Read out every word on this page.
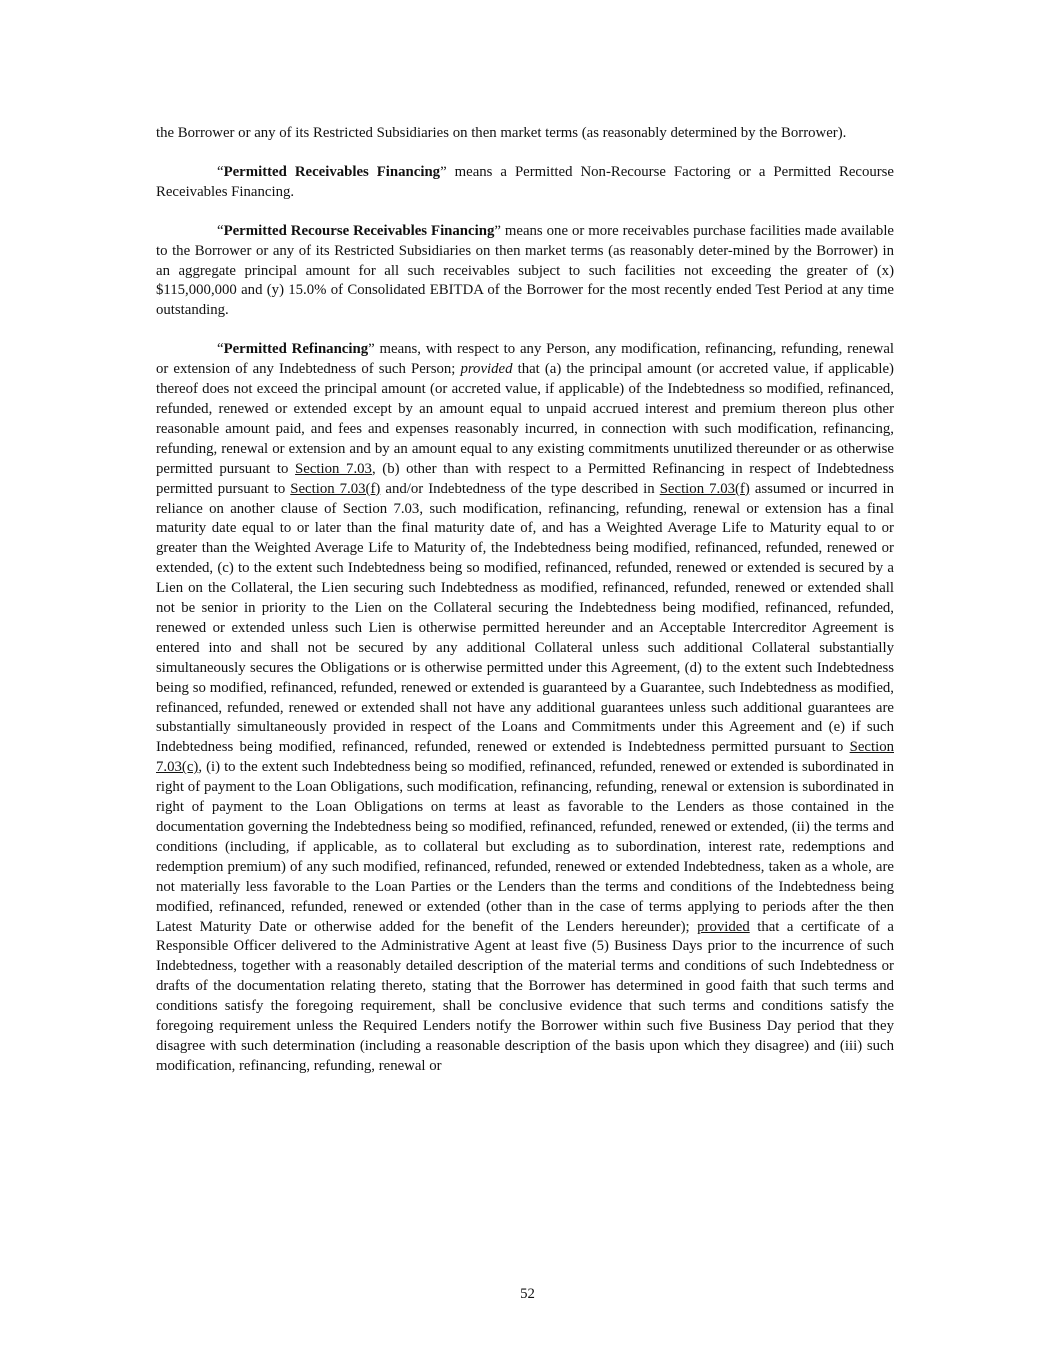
the Borrower or any of its Restricted Subsidiaries on then market terms (as reasonably determined by the Borrower).

“Permitted Receivables Financing” means a Permitted Non-Recourse Factoring or a Permitted Recourse Receivables Financing.

“Permitted Recourse Receivables Financing” means one or more receivables purchase facilities made available to the Borrower or any of its Restricted Subsidiaries on then market terms (as reasonably deter-mined by the Borrower) in an aggregate principal amount for all such receivables subject to such facilities not exceeding the greater of (x) $115,000,000 and (y) 15.0% of Consolidated EBITDA of the Borrower for the most recently ended Test Period at any time outstanding.

“Permitted Refinancing” means, with respect to any Person, any modification, refinancing, refunding, renewal or extension of any Indebtedness of such Person; provided that (a) the principal amount (or accreted value, if applicable) thereof does not exceed the principal amount (or accreted value, if applicable) of the Indebtedness so modified, refinanced, refunded, renewed or extended except by an amount equal to unpaid accrued interest and premium thereon plus other reasonable amount paid, and fees and expenses reasonably incurred, in connection with such modification, refinancing, refunding, renewal or extension and by an amount equal to any existing commitments unutilized thereunder or as otherwise permitted pursuant to Section 7.03, (b) other than with respect to a Permitted Refinancing in respect of Indebtedness permitted pursuant to Section 7.03(f) and/or Indebtedness of the type described in Section 7.03(f) assumed or incurred in reliance on another clause of Section 7.03, such modification, refinancing, refunding, renewal or extension has a final maturity date equal to or later than the final maturity date of, and has a Weighted Average Life to Maturity equal to or greater than the Weighted Average Life to Maturity of, the Indebtedness being modified, refinanced, refunded, renewed or extended, (c) to the extent such Indebtedness being so modified, refinanced, refunded, renewed or extended is secured by a Lien on the Collateral, the Lien securing such Indebtedness as modified, refinanced, refunded, renewed or extended shall not be senior in priority to the Lien on the Collateral securing the Indebtedness being modified, refinanced, refunded, renewed or extended unless such Lien is otherwise permitted hereunder and an Acceptable Intercreditor Agreement is entered into and shall not be secured by any additional Collateral unless such additional Collateral substantially simultaneously secures the Obligations or is otherwise permitted under this Agreement, (d) to the extent such Indebtedness being so modified, refinanced, refunded, renewed or extended is guaranteed by a Guarantee, such Indebtedness as modified, refinanced, refunded, renewed or extended shall not have any additional guarantees unless such additional guarantees are substantially simultaneously provided in respect of the Loans and Commitments under this Agreement and (e) if such Indebtedness being modified, refinanced, refunded, renewed or extended is Indebtedness permitted pursuant to Section 7.03(c), (i) to the extent such Indebtedness being so modified, refinanced, refunded, renewed or extended is subordinated in right of payment to the Loan Obligations, such modification, refinancing, refunding, renewal or extension is subordinated in right of payment to the Loan Obligations on terms at least as favorable to the Lenders as those contained in the documentation governing the Indebtedness being so modified, refinanced, refunded, renewed or extended, (ii) the terms and conditions (including, if applicable, as to collateral but excluding as to subordination, interest rate, redemptions and redemption premium) of any such modified, refinanced, refunded, renewed or extended Indebtedness, taken as a whole, are not materially less favorable to the Loan Parties or the Lenders than the terms and conditions of the Indebtedness being modified, refinanced, refunded, renewed or extended (other than in the case of terms applying to periods after the then Latest Maturity Date or otherwise added for the benefit of the Lenders hereunder); provided that a certificate of a Responsible Officer delivered to the Administrative Agent at least five (5) Business Days prior to the incurrence of such Indebtedness, together with a reasonably detailed description of the material terms and conditions of such Indebtedness or drafts of the documentation relating thereto, stating that the Borrower has determined in good faith that such terms and conditions satisfy the foregoing requirement, shall be conclusive evidence that such terms and conditions satisfy the foregoing requirement unless the Required Lenders notify the Borrower within such five Business Day period that they disagree with such determination (including a reasonable description of the basis upon which they disagree) and (iii) such modification, refinancing, refunding, renewal or

52
